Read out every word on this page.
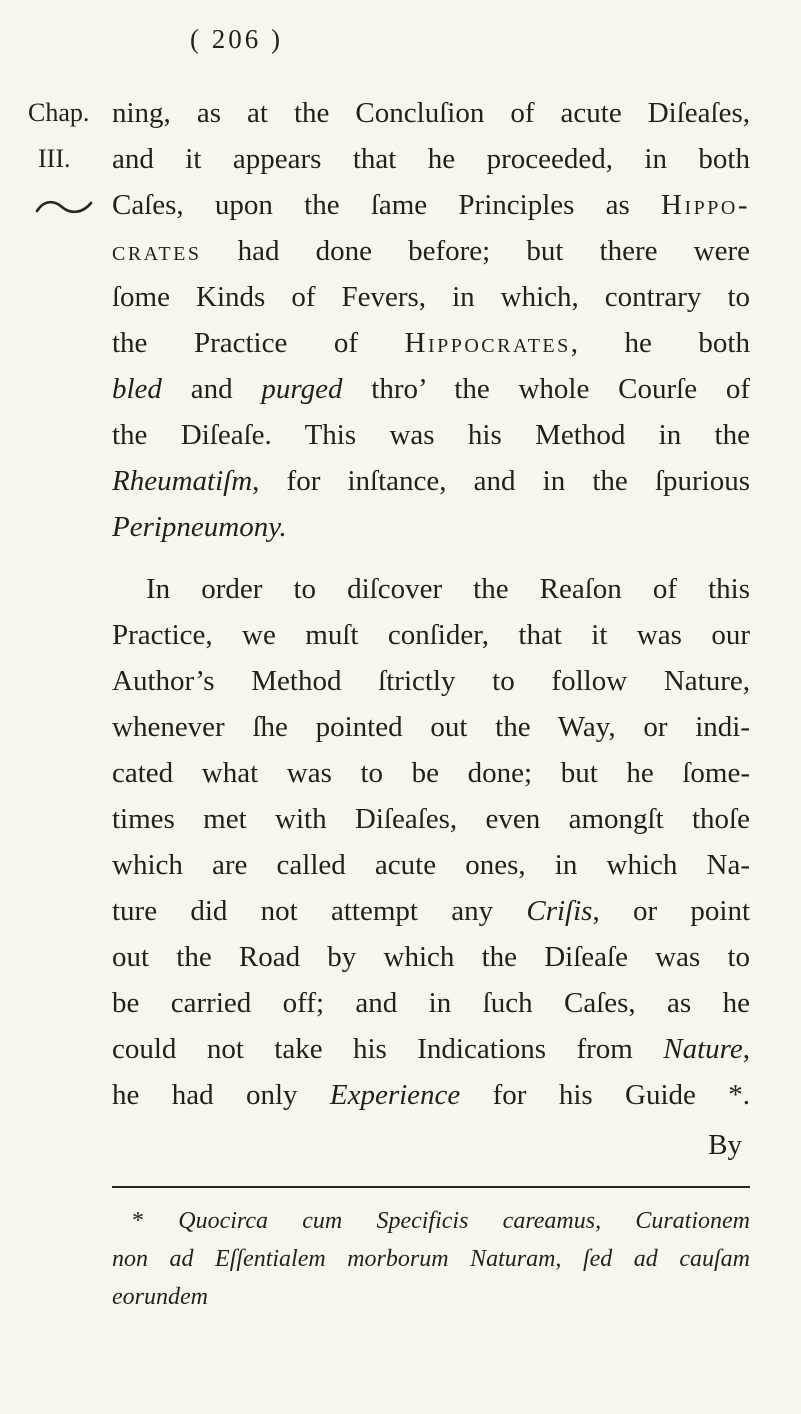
( 206 )
Chap.
III.
ning, as at the Concluſion of acute Diſeaſes,
and it appears that he proceeded, in both
Caſes, upon the ſame Principles as Hippo-
crates had done before; but there were
ſome Kinds of Fevers, in which, contrary to
the Practice of Hippocrates, he both
bled and purged thro’ the whole Courſe of
the Diſeaſe. This was his Method in the
Rheumatiſm, for inſtance, and in the ſpurious
Peripneumony.
In order to diſcover the Reaſon of this
Practice, we muſt conſider, that it was our
Author’s Method ſtrictly to follow Nature,
whenever ſhe pointed out the Way, or indi-
cated what was to be done; but he ſome-
times met with Diſeaſes, even amongſt thoſe
which are called acute ones, in which Na-
ture did not attempt any Criſis, or point
out the Road by which the Diſeaſe was to
be carried off; and in ſuch Caſes, as he
could not take his Indications from Nature,
he had only Experience for his Guide *.
By
* Quocirca cum Specificis careamus, Curationem
non ad Eſſentialem morborum Naturam, ſed ad cauſam
eorundem
